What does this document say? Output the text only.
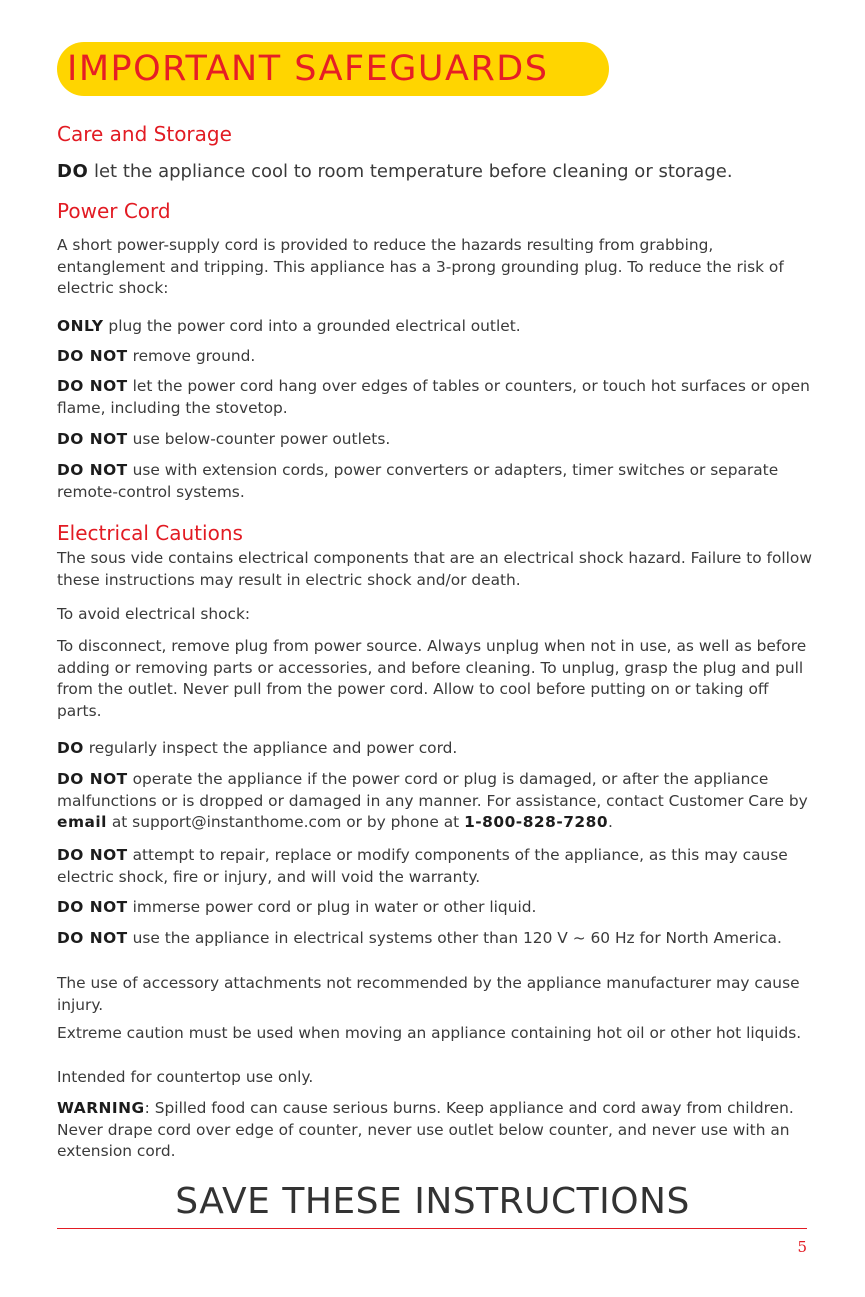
IMPORTANT SAFEGUARDS
Care and Storage
DO let the appliance cool to room temperature before cleaning or storage.
Power Cord
A short power-supply cord is provided to reduce the hazards resulting from grabbing, entanglement and tripping. This appliance has a 3-prong grounding plug. To reduce the risk of electric shock:
ONLY plug the power cord into a grounded electrical outlet.
DO NOT remove ground.
DO NOT let the power cord hang over edges of tables or counters, or touch hot surfaces or open flame, including the stovetop.
DO NOT use below-counter power outlets.
DO NOT use with extension cords, power converters or adapters, timer switches or separate remote-control systems.
Electrical Cautions
The sous vide contains electrical components that are an electrical shock hazard. Failure to follow these instructions may result in electric shock and/or death.
To avoid electrical shock:
To disconnect, remove plug from power source. Always unplug when not in use, as well as before adding or removing parts or accessories, and before cleaning. To unplug, grasp the plug and pull from the outlet. Never pull from the power cord. Allow to cool before putting on or taking off parts.
DO regularly inspect the appliance and power cord.
DO NOT operate the appliance if the power cord or plug is damaged, or after the appliance malfunctions or is dropped or damaged in any manner. For assistance, contact Customer Care by email at support@instanthome.com or by phone at 1-800-828-7280.
DO NOT attempt to repair, replace or modify components of the appliance, as this may cause electric shock, fire or injury, and will void the warranty.
DO NOT immerse power cord or plug in water or other liquid.
DO NOT use the appliance in electrical systems other than 120 V ~ 60 Hz for North America.
The use of accessory attachments not recommended by the appliance manufacturer may cause injury.
Extreme caution must be used when moving an appliance containing hot oil or other hot liquids.
Intended for countertop use only.
WARNING: Spilled food can cause serious burns. Keep appliance and cord away from children. Never drape cord over edge of counter, never use outlet below counter, and never use with an extension cord.
SAVE THESE INSTRUCTIONS
5
